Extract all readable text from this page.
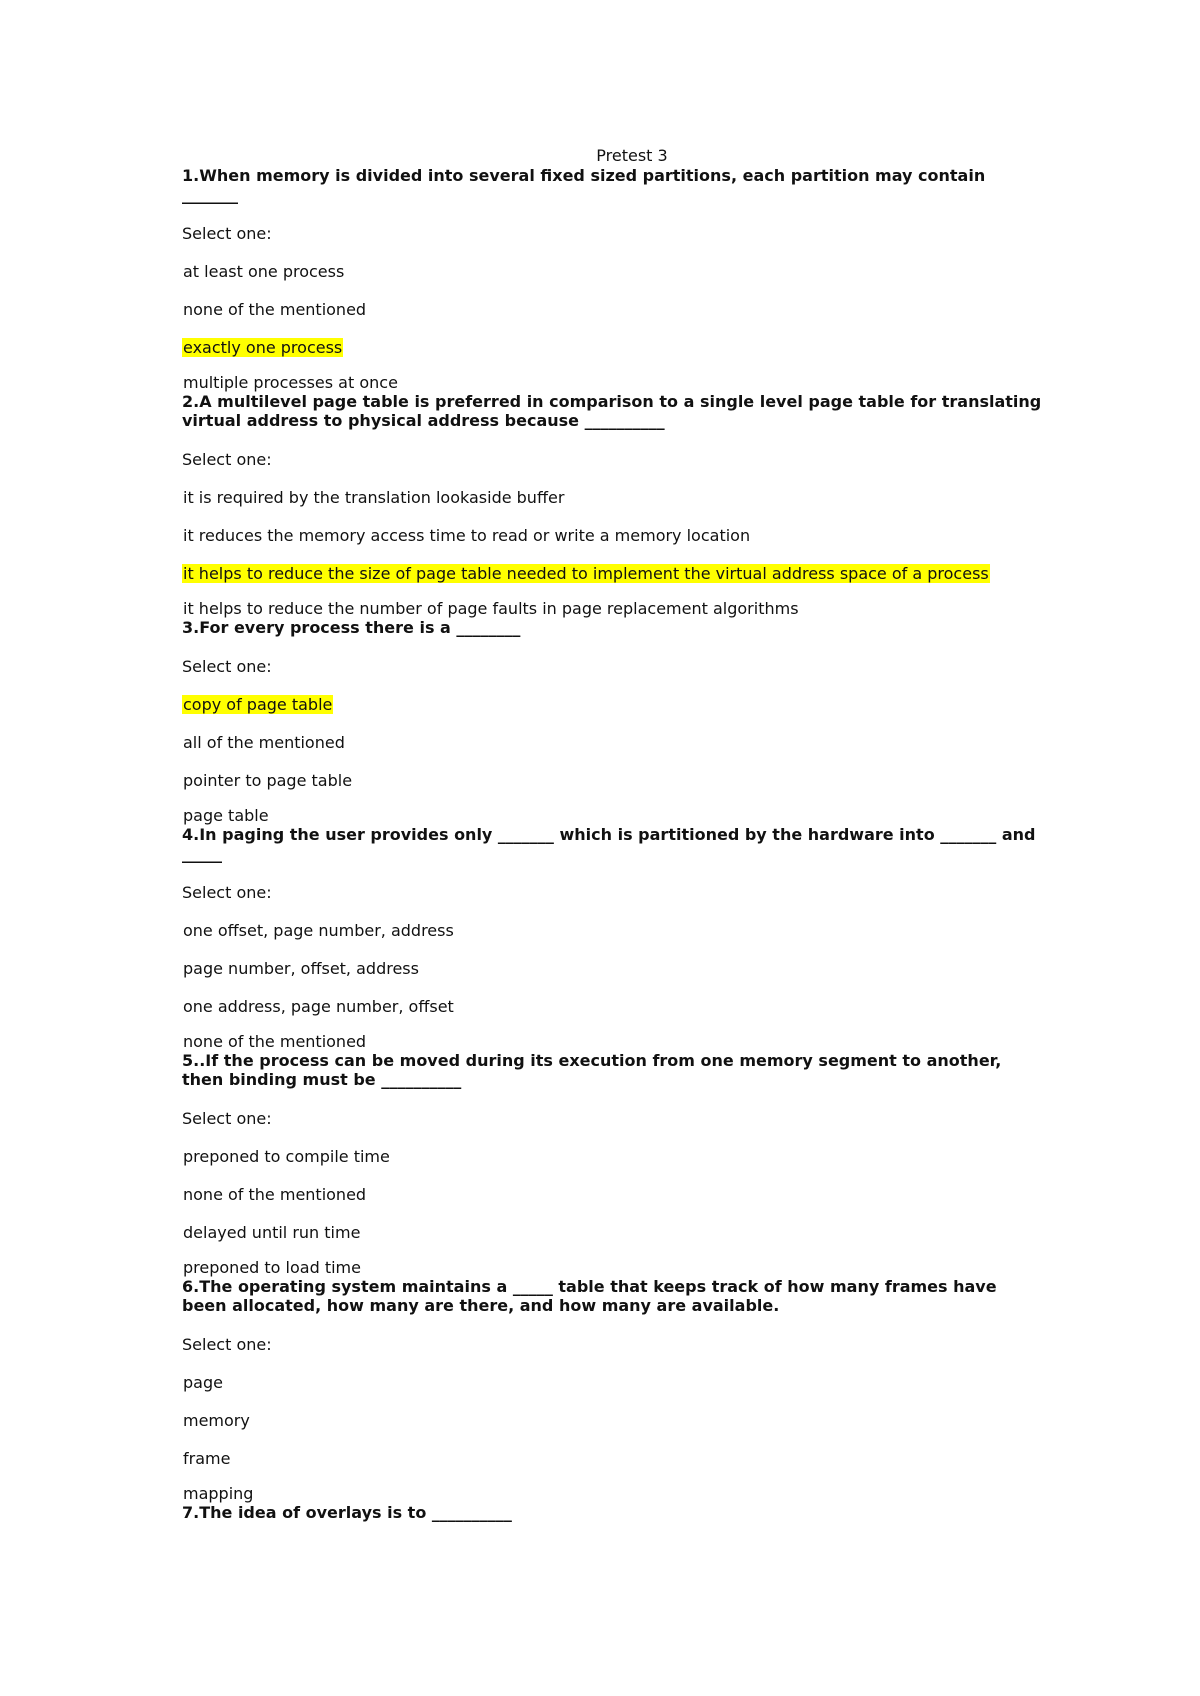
Pretest 3

1.When memory is divided into several fixed sized partitions, each partition may contain _______

Select one:

at least one process
none of the mentioned
exactly one process
multiple processes at once

2.A multilevel page table is preferred in comparison to a single level page table for translating virtual address to physical address because __________

Select one:

it is required by the translation lookaside buffer
it reduces the memory access time to read or write a memory location
it helps to reduce the size of page table needed to implement the virtual address space of a process
it helps to reduce the number of page faults in page replacement algorithms

3.For every process there is a ________

Select one:

copy of page table
all of the mentioned
pointer to page table
page table

4.In paging the user provides only _______ which is partitioned by the hardware into _______ and _____

Select one:

one offset, page number, address
page number, offset, address
one address, page number, offset
none of the mentioned

5..If the process can be moved during its execution from one memory segment to another, then binding must be __________

Select one:

preponed to compile time
none of the mentioned
delayed until run time
preponed to load time

6.The operating system maintains a _____ table that keeps track of how many frames have been allocated, how many are there, and how many are available.

Select one:

page
memory
frame
mapping

7.The idea of overlays is to __________
